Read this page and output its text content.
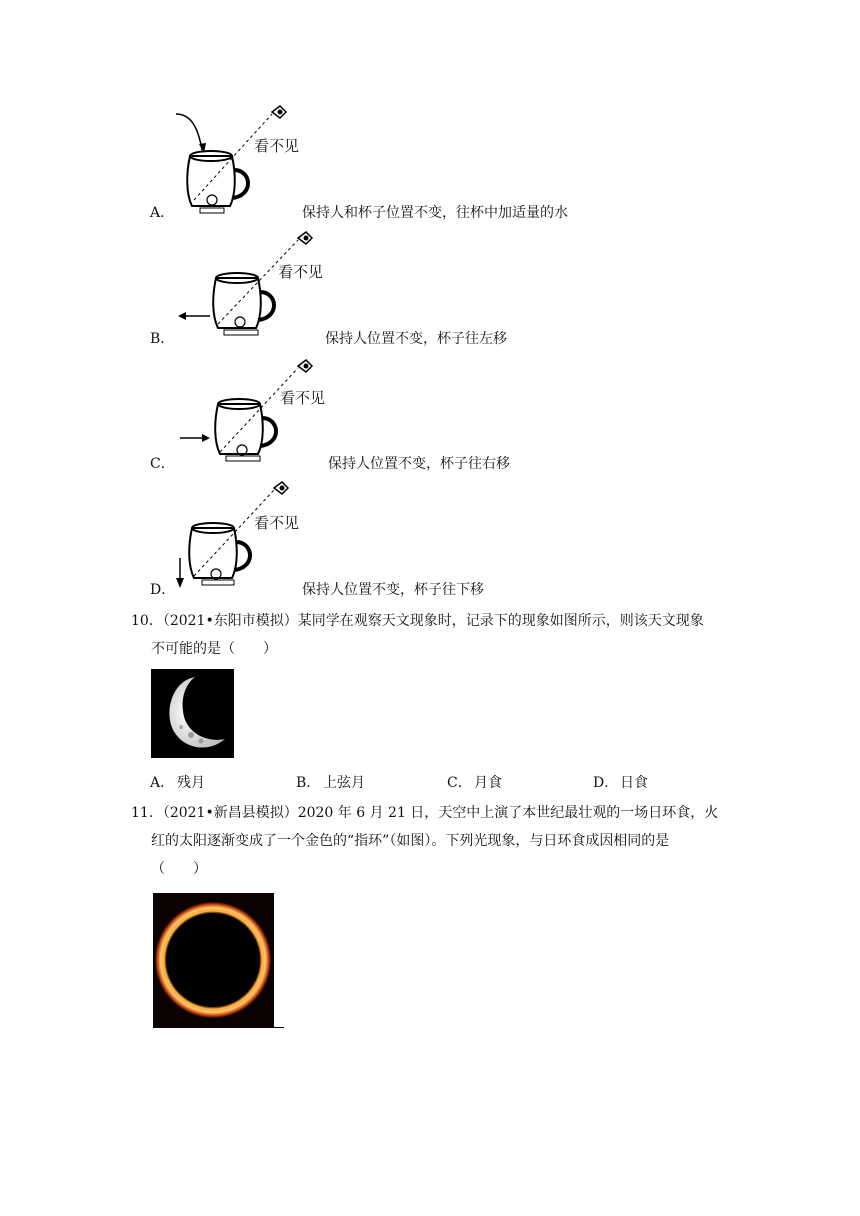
看不见
看不见
看不见
看不见
A．	保持人和杯子位置不变，往杯中加适量的水
B．	保持人位置不变，杯子往左移
C．	保持人位置不变，杯子往右移
D．	保持人位置不变，杯子往下移
10．（2021•东阳市模拟）某同学在观察天文现象时，记录下的现象如图所示，则该天文现象
不可能的是（　　）
A． 残月	B． 上弦月	C． 月食	D． 日食
11．（2021•新昌县模拟）2020 年 6 月 21 日，天空中上演了本世纪最壮观的一场日环食，火
红的太阳逐渐变成了一个金色的“指环”（如图）。下列光现象，与日环食成因相同的是
（　　）
